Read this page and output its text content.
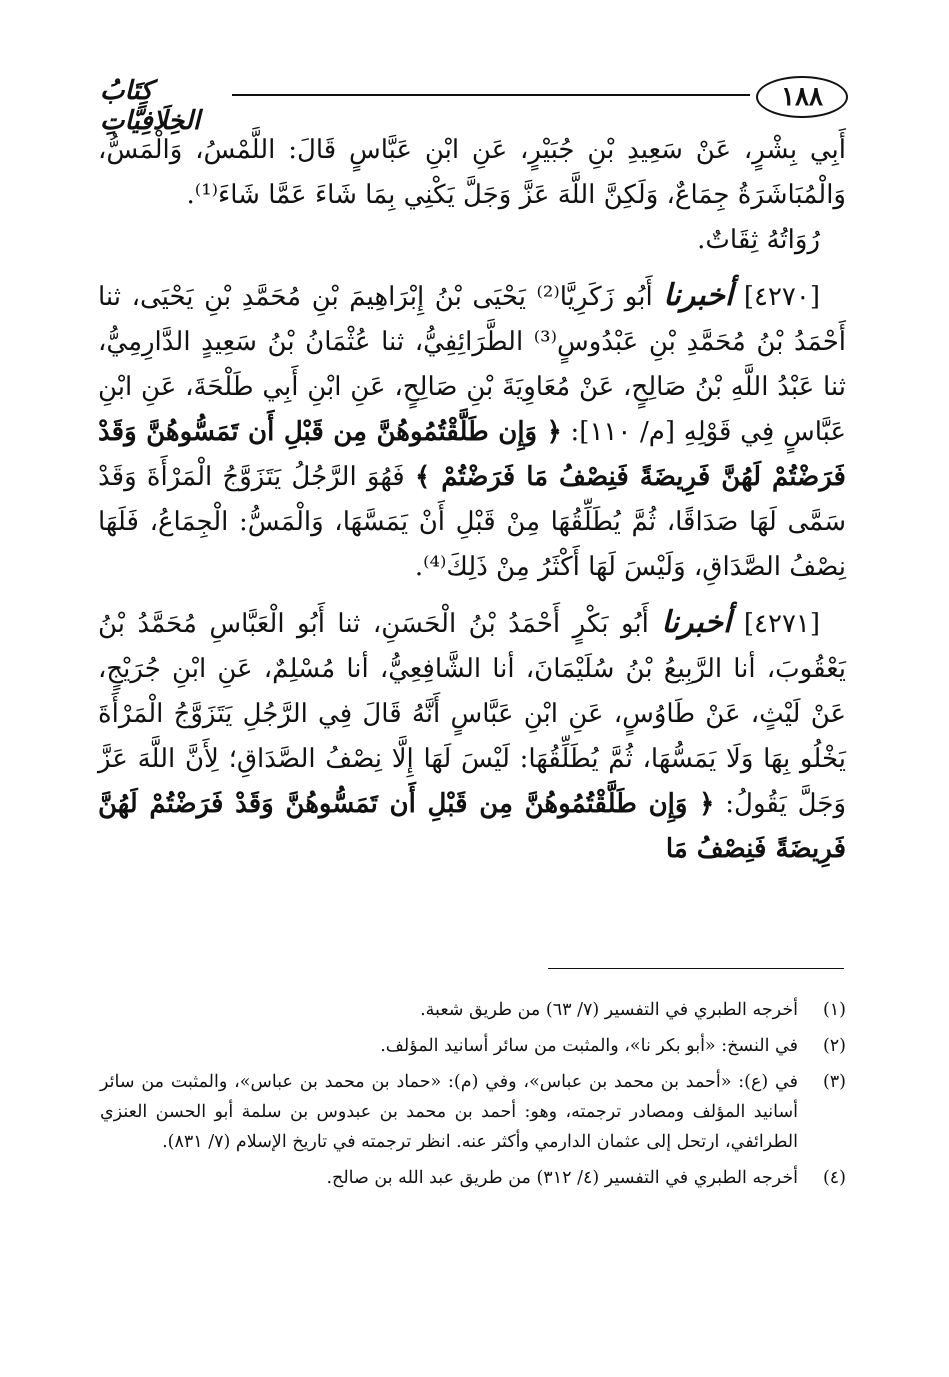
١٨٨
كِتَابُ الخِلَافِيَّاتِ

أَبِي بِشْرٍ، عَنْ سَعِيدِ بْنِ جُبَيْرٍ، عَنِ ابْنِ عَبَّاسٍ قَالَ: اللَّمْسُ، وَالْمَسُّ، وَالْمُبَاشَرَةُ جِمَاعٌ، وَلَكِنَّ اللَّهَ عَزَّ وَجَلَّ يَكْنِي بِمَا شَاءَ عَمَّا شَاءَ⁽¹⁾.

رُوَاتُهُ ثِقَاتٌ.

[٤٢٧٠] أخبرنا أَبُو زَكَرِيَّا⁽²⁾ يَحْيَى بْنُ إِبْرَاهِيمَ بْنِ مُحَمَّدِ بْنِ يَحْيَى، ثنا أَحْمَدُ بْنُ مُحَمَّدِ بْنِ عَبْدُوسٍ⁽³⁾ الطَّرَائِفِيُّ، ثنا عُثْمَانُ بْنُ سَعِيدٍ الدَّارِمِيُّ، ثنا عَبْدُ اللَّهِ بْنُ صَالِحٍ، عَنْ مُعَاوِيَةَ بْنِ صَالِحٍ، عَنِ ابْنِ أَبِي طَلْحَةَ، عَنِ ابْنِ عَبَّاسٍ فِي قَوْلِهِ [م/ ١١٠]: ﴿ وَإِن طَلَّقْتُمُوهُنَّ مِن قَبْلِ أَن تَمَسُّوهُنَّ وَقَدْ فَرَضْتُمْ لَهُنَّ فَرِيضَةً فَنِصْفُ مَا فَرَضْتُمْ ﴾ فَهُوَ الرَّجُلُ يَتَزَوَّجُ الْمَرْأَةَ وَقَدْ سَمَّى لَهَا صَدَاقًا، ثُمَّ يُطَلِّقُهَا مِنْ قَبْلِ أَنْ يَمَسَّهَا، وَالْمَسُّ: الْجِمَاعُ، فَلَهَا نِصْفُ الصَّدَاقِ، وَلَيْسَ لَهَا أَكْثَرُ مِنْ ذَلِكَ⁽⁴⁾.

[٤٢٧١] أخبرنا أَبُو بَكْرٍ أَحْمَدُ بْنُ الْحَسَنِ، ثنا أَبُو الْعَبَّاسِ مُحَمَّدُ بْنُ يَعْقُوبَ، أنا الرَّبِيعُ بْنُ سُلَيْمَانَ، أنا الشَّافِعِيُّ، أنا مُسْلِمٌ، عَنِ ابْنِ جُرَيْجٍ، عَنْ لَيْثٍ، عَنْ طَاوُسٍ، عَنِ ابْنِ عَبَّاسٍ أَنَّهُ قَالَ فِي الرَّجُلِ يَتَزَوَّجُ الْمَرْأَةَ يَخْلُو بِهَا وَلَا يَمَسُّهَا، ثُمَّ يُطَلِّقُهَا: لَيْسَ لَهَا إِلَّا نِصْفُ الصَّدَاقِ؛ لِأَنَّ اللَّهَ عَزَّ وَجَلَّ يَقُولُ: ﴿ وَإِن طَلَّقْتُمُوهُنَّ مِن قَبْلِ أَن تَمَسُّوهُنَّ وَقَدْ فَرَضْتُمْ لَهُنَّ فَرِيضَةً فَنِصْفُ مَا

(١)
أخرجه الطبري في التفسير (٧/ ٦٣) من طريق شعبة.
(٢)
في النسخ: «أبو بكر نا»، والمثبت من سائر أسانيد المؤلف.
(٣)
في (ع): «أحمد بن محمد بن عباس»، وفي (م): «حماد بن محمد بن عباس»، والمثبت من سائر أسانيد المؤلف ومصادر ترجمته، وهو: أحمد بن محمد بن عبدوس بن سلمة أبو الحسن العنزي الطرائفي، ارتحل إلى عثمان الدارمي وأكثر عنه. انظر ترجمته في تاريخ الإسلام (٧/ ٨٣١).
(٤)
أخرجه الطبري في التفسير (٤/ ٣١٢) من طريق عبد الله بن صالح.
